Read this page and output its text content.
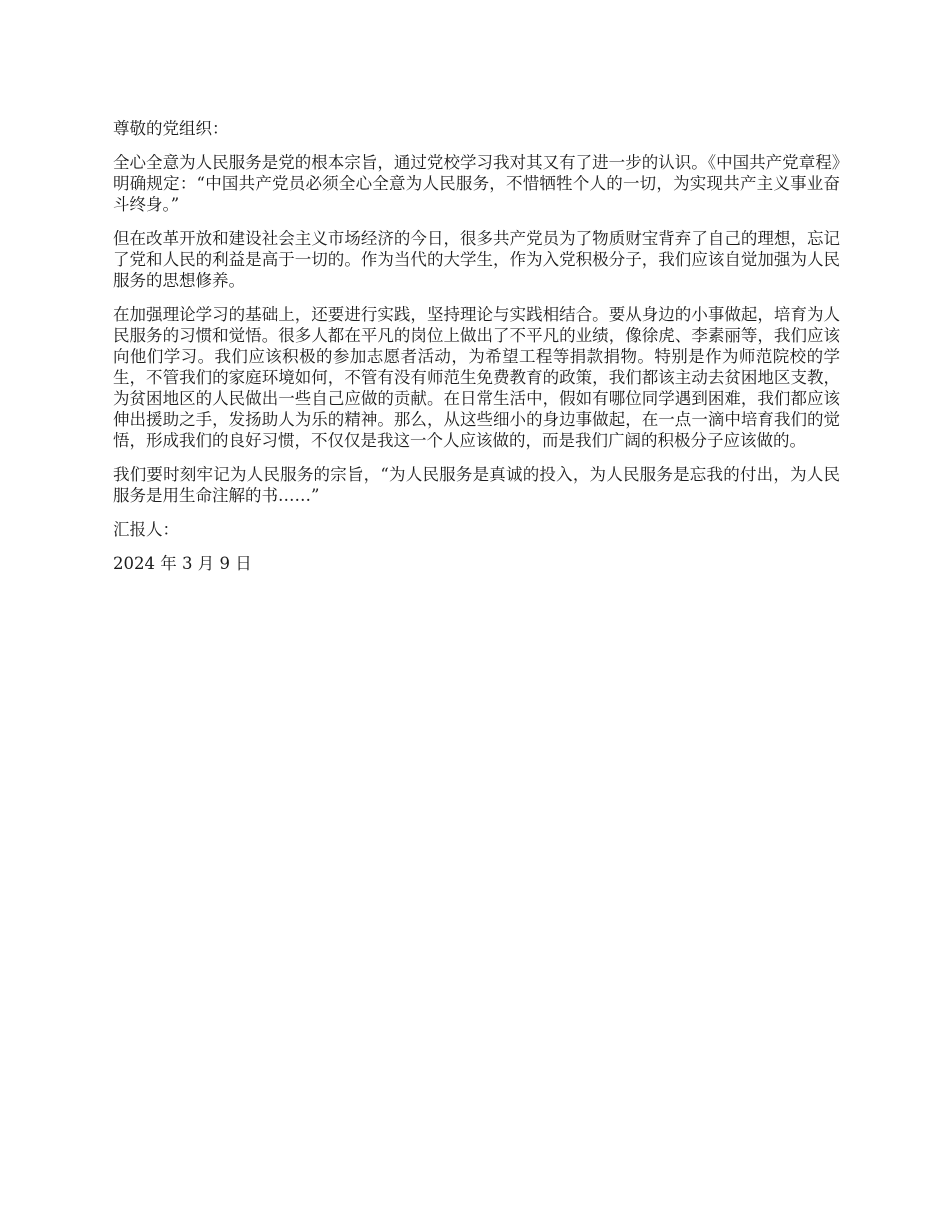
尊敬的党组织：

全心全意为人民服务是党的根本宗旨，通过党校学习我对其又有了进一步的认识。《中国共产党章程》明确规定：“中国共产党员必须全心全意为人民服务，不惜牺牲个人的一切，为实现共产主义事业奋斗终身。”

但在改革开放和建设社会主义市场经济的今日，很多共产党员为了物质财宝背弃了自己的理想，忘记了党和人民的利益是高于一切的。作为当代的大学生，作为入党积极分子，我们应该自觉加强为人民服务的思想修养。

在加强理论学习的基础上，还要进行实践，坚持理论与实践相结合。要从身边的小事做起，培育为人民服务的习惯和觉悟。很多人都在平凡的岗位上做出了不平凡的业绩，像徐虎、李素丽等，我们应该向他们学习。我们应该积极的参加志愿者活动，为希望工程等捐款捐物。特别是作为师范院校的学生，不管我们的家庭环境如何，不管有没有师范生免费教育的政策，我们都该主动去贫困地区支教，为贫困地区的人民做出一些自己应做的贡献。在日常生活中，假如有哪位同学遇到困难，我们都应该伸出援助之手，发扬助人为乐的精神。那么，从这些细小的身边事做起，在一点一滴中培育我们的觉悟，形成我们的良好习惯，不仅仅是我这一个人应该做的，而是我们广阔的积极分子应该做的。

我们要时刻牢记为人民服务的宗旨，“为人民服务是真诚的投入，为人民服务是忘我的付出，为人民服务是用生命注解的书……”

汇报人：

2024 年 3 月 9 日
